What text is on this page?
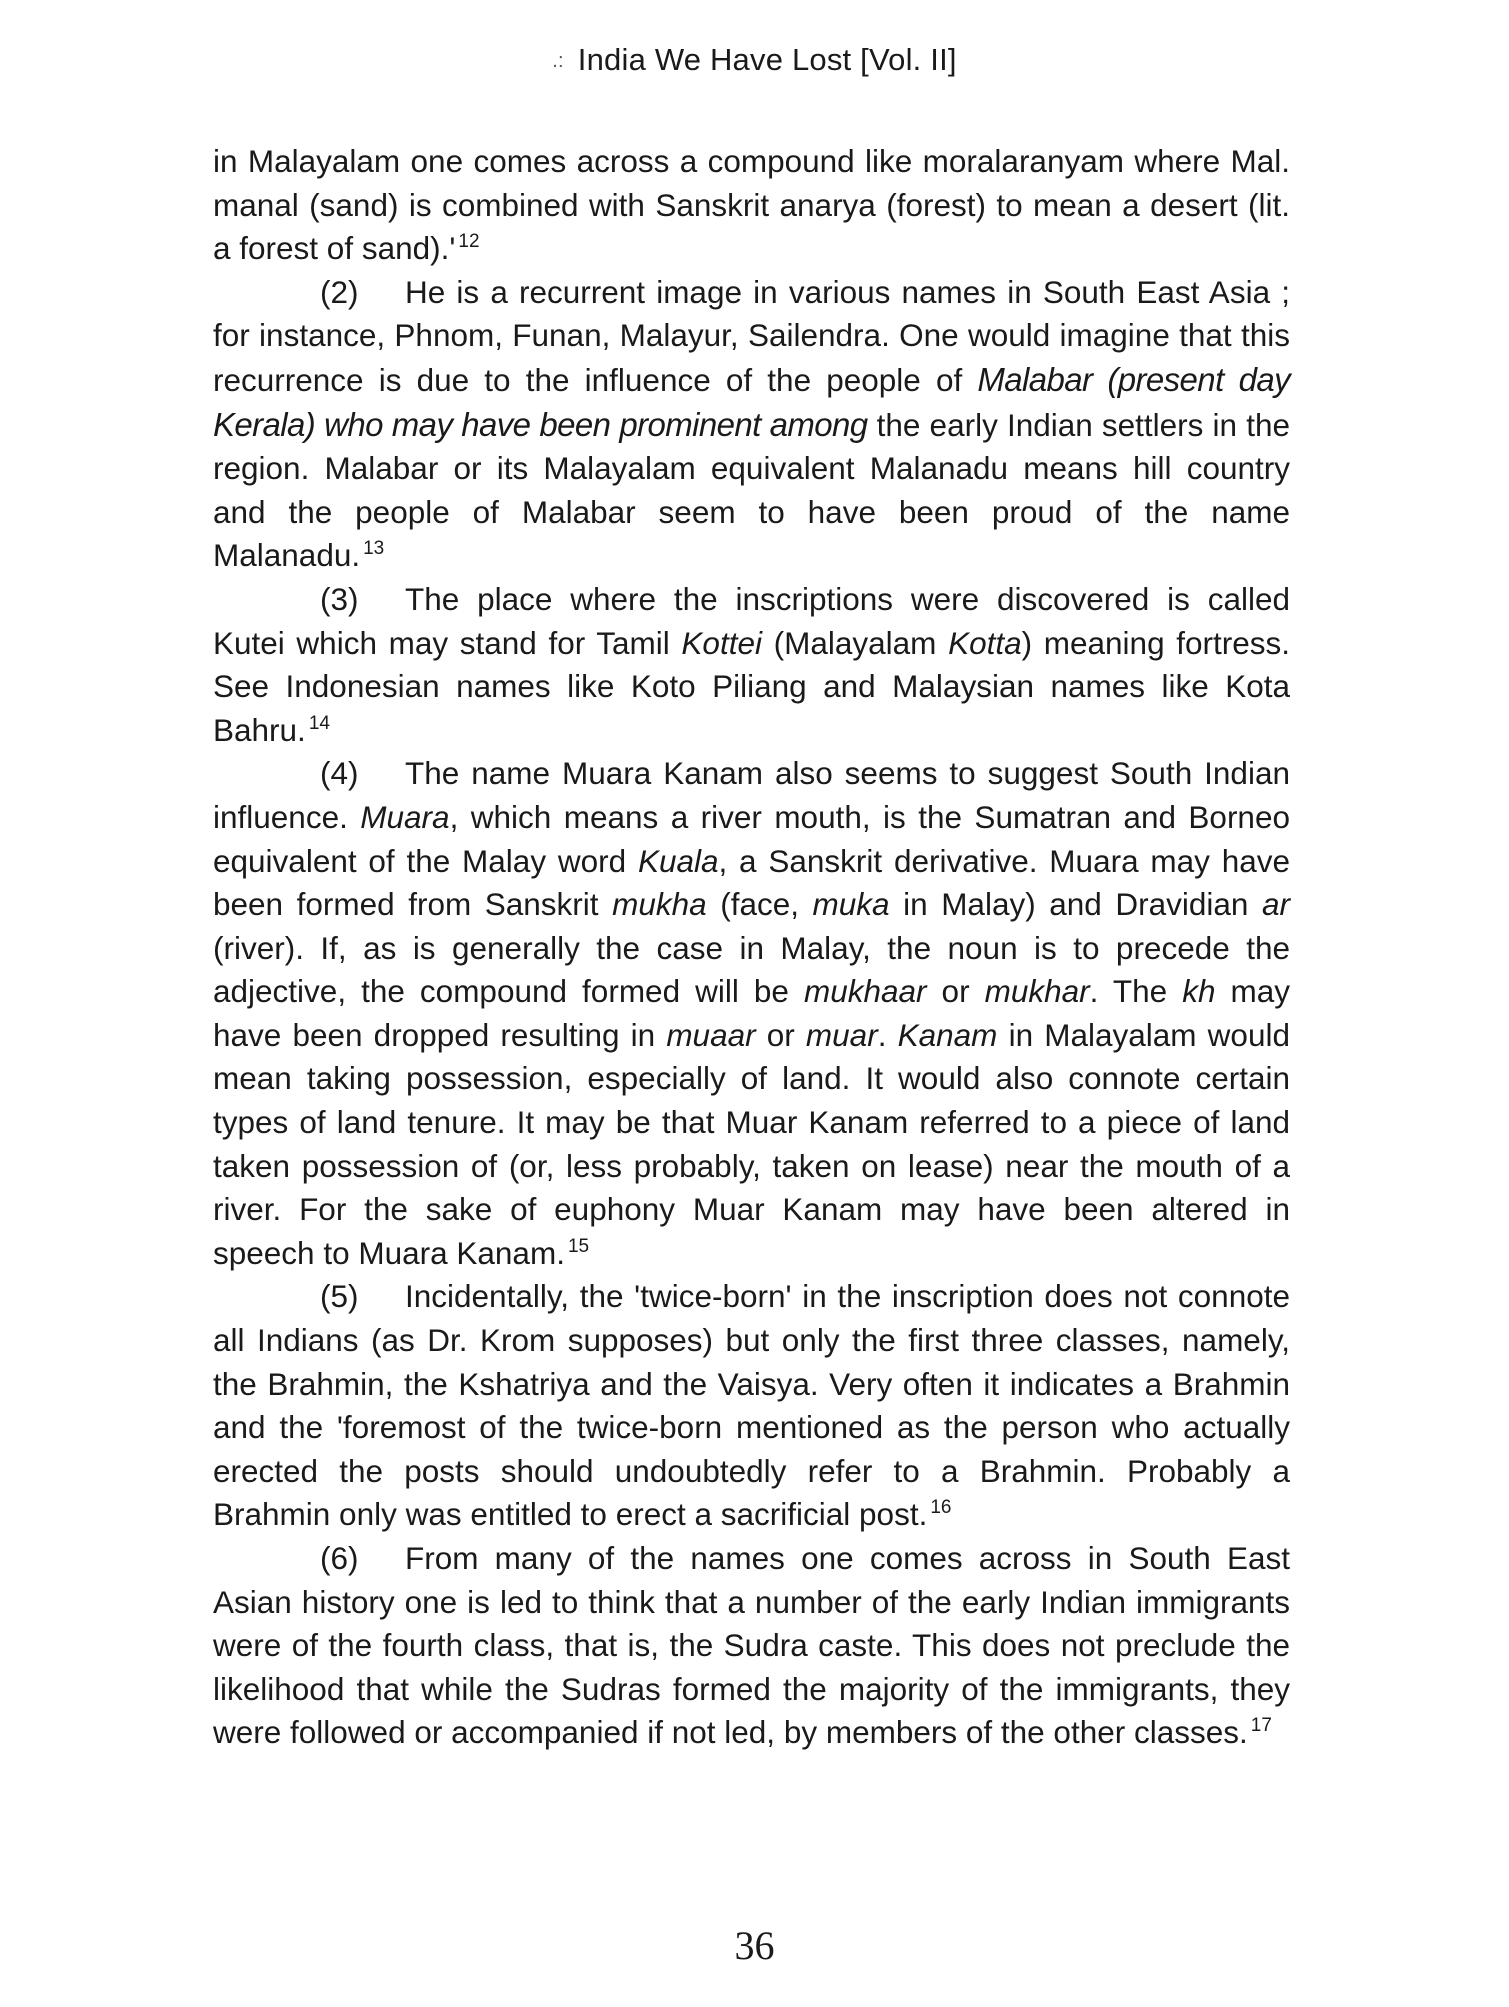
.: India We Have Lost [Vol. II]

in Malayalam one comes across a compound like moralaranyam where Mal. manal (sand) is combined with Sanskrit anarya (forest) to mean a desert (lit. a forest of sand).' $^{12}$

(2) He is a recurrent image in various names in South East Asia ; for instance, Phnom, Funan, Malayur, Sailendra. One would imagine that this recurrence is due to the influence of the people of Malabar (present day Kerala) who may have been prominent among the early Indian settlers in the region. Malabar or its Malayalam equivalent Malanadu means hill country and the people of Malabar seem to have been proud of the name Malanadu. $^{13}$

(3) The place where the inscriptions were discovered is called Kutei which may stand for Tamil Kottei (Malayalam Kotta) meaning fortress. See Indonesian names like Koto Piliang and Malaysian names like Kota Bahru. $^{14}$

(4) The name Muara Kanam also seems to suggest South Indian influence. Muara, which means a river mouth, is the Sumatran and Borneo equivalent of the Malay word Kuala, a Sanskrit derivative. Muara may have been formed from Sanskrit mukha (face, muka in Malay) and Dravidian ar (river). If, as is generally the case in Malay, the noun is to precede the adjective, the compound formed will be mukhaar or mukhar. The kh may have been dropped resulting in muaar or muar. Kanam in Malayalam would mean taking possession, especially of land. It would also connote certain types of land tenure. It may be that Muar Kanam referred to a piece of land taken possession of (or, less probably, taken on lease) near the mouth of a river. For the sake of euphony Muar Kanam may have been altered in speech to Muara Kanam. $^{15}$

(5) Incidentally, the 'twice-born' in the inscription does not connote all Indians (as Dr. Krom supposes) but only the first three classes, namely, the Brahmin, the Kshatriya and the Vaisya. Very often it indicates a Brahmin and the 'foremost of the twice-born mentioned as the person who actually erected the posts should undoubtedly refer to a Brahmin. Probably a Brahmin only was entitled to erect a sacrificial post. $^{16}$

(6) From many of the names one comes across in South East Asian history one is led to think that a number of the early Indian immigrants were of the fourth class, that is, the Sudra caste. This does not preclude the likelihood that while the Sudras formed the majority of the immigrants, they were followed or accompanied if not led, by members of the other classes. $^{17}$

36
